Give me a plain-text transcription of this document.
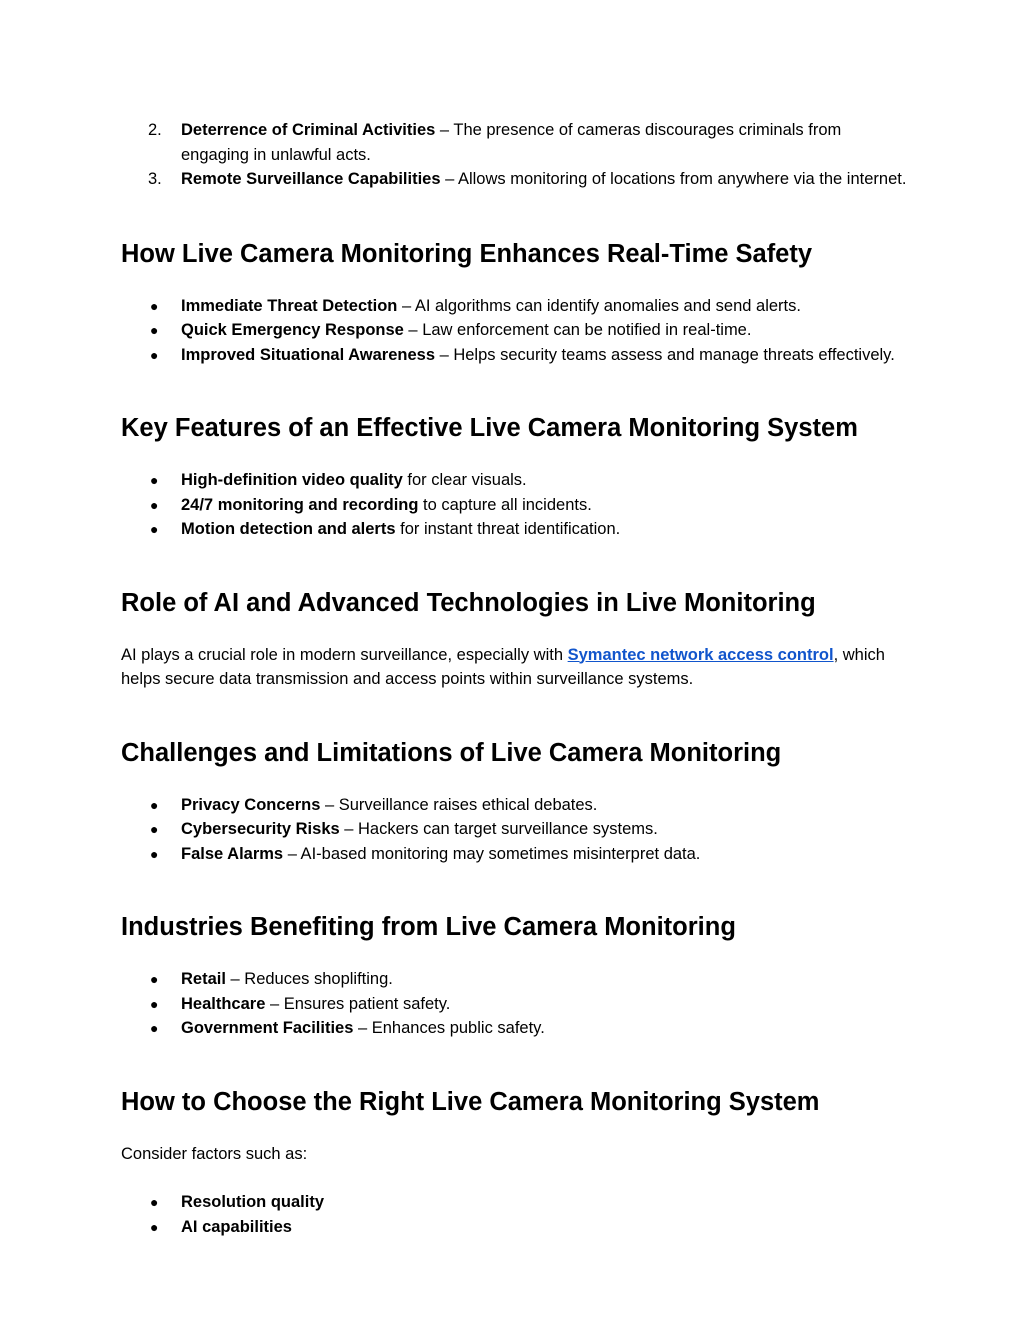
2.	Deterrence of Criminal Activities – The presence of cameras discourages criminals from engaging in unlawful acts.
3.	Remote Surveillance Capabilities – Allows monitoring of locations from anywhere via the internet.
How Live Camera Monitoring Enhances Real-Time Safety
●	Immediate Threat Detection – AI algorithms can identify anomalies and send alerts.
●	Quick Emergency Response – Law enforcement can be notified in real-time.
●	Improved Situational Awareness – Helps security teams assess and manage threats effectively.
Key Features of an Effective Live Camera Monitoring System
●	High-definition video quality for clear visuals.
●	24/7 monitoring and recording to capture all incidents.
●	Motion detection and alerts for instant threat identification.
Role of AI and Advanced Technologies in Live Monitoring

AI plays a crucial role in modern surveillance, especially with Symantec network access control, which helps secure data transmission and access points within surveillance systems.

Challenges and Limitations of Live Camera Monitoring
●	Privacy Concerns – Surveillance raises ethical debates.
●	Cybersecurity Risks – Hackers can target surveillance systems.
●	False Alarms – AI-based monitoring may sometimes misinterpret data.
Industries Benefiting from Live Camera Monitoring
●	Retail – Reduces shoplifting.
●	Healthcare – Ensures patient safety.
●	Government Facilities – Enhances public safety.
How to Choose the Right Live Camera Monitoring System

Consider factors such as:

●	Resolution quality
●	AI capabilities
